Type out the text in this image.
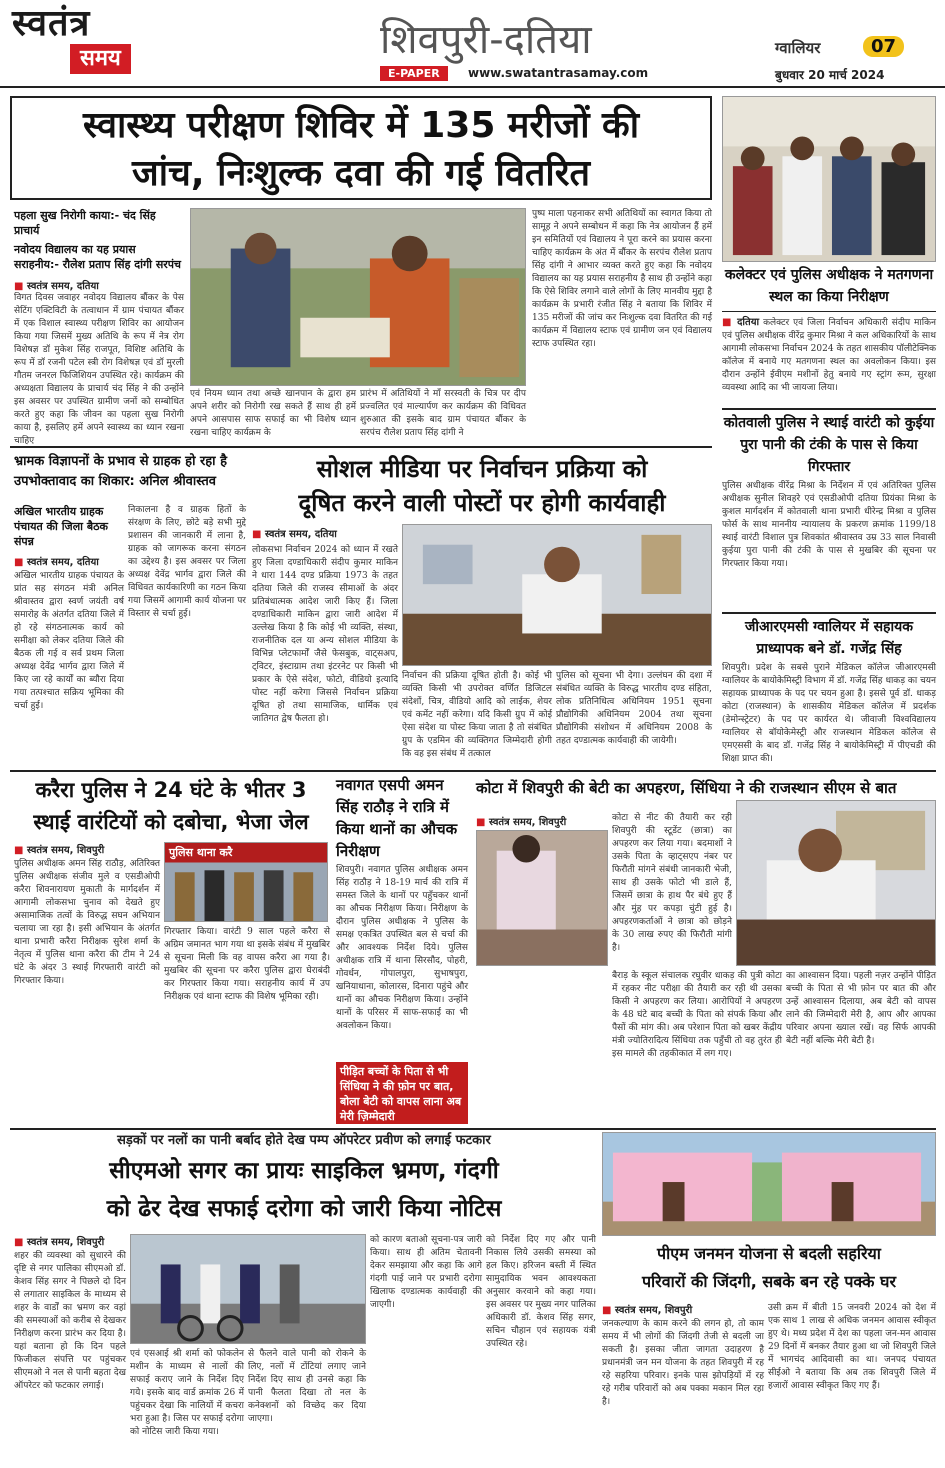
स्वतंत्र
समय	शिवपुरी-दतिया
E-PAPER	www.swatantrasamay.com
ग्वालियर	07
बुधवार 20 मार्च 2024
स्वास्थ्य परीक्षण शिविर में 135 मरीजों की
जांच, निःशुल्क दवा की गई वितरित
पहला सुख निरोगी काया:- चंद सिंह प्राचार्य
नवोदय विद्यालय का यह प्रयास सराहनीय:- रौलेश प्रताप सिंह दांगी सरपंच
■ स्वतंत्र समय, दतिया
विगत दिवस जवाहर नवोदय विद्यालय बौंकर के पेस सेटिंग एक्टिविटी के तत्वाधान में ग्राम पंचायत बौंकर में एक विशाल स्वास्थ्य परीक्षण शिविर का आयोजन किया गया जिसमें मुख्य अतिथि के रूप में नेत्र रोग विशेषज्ञ डॉ मुकेश सिंह राजपूत, विशिष्ट अतिथि के रूप में डॉ रजनी पटेल स्त्री रोग विशेषज्ञ एवं डॉ मुरली गौतम जनरल फिजिशियन उपस्थित रहे। कार्यक्रम की अध्यक्षता विद्यालय के प्राचार्य चंद सिंह ने की उन्होंने इस अवसर पर उपस्थित ग्रामीण जनों को सम्बोधित करते हुए कहा कि जीवन का पहला सुख निरोगी काया है, इसलिए हमें अपने स्वास्थ्य का ध्यान रखना चाहिए
एवं नियम ध्यान तथा अच्छे खानपान के द्वारा हम अपने शरीर को निरोगी रख सकते हैं साथ ही हमें अपने आसपास साफ सफाई का भी विशेष ध्यान रखना चाहिए कार्यक्रम के
प्रारंभ में अतिथियों ने माँ सरस्वती के चित्र पर दीप प्रज्वलित एवं माल्यार्पण कर कार्यक्रम की विधिवत शुरुआत की इसके बाद ग्राम पंचायत बौंकर के सरपंच रौलेश प्रताप सिंह दांगी ने
पुष्प माला पहनाकर सभी अतिथियों का स्वागत किया तो सामूह ने अपने सम्बोधन में कहा कि नेत्र आयोजन हैं हमें इन समितियों एवं विद्यालय ने पूरा करने का प्रयास करना चाहिए कार्यक्रम के अंत में बौंकर के सरपंच रौलेश प्रताप सिंह दांगी ने आभार व्यक्त करते हुए कहा कि नवोदय विद्यालय का यह प्रयास सराहनीय है साथ ही उन्होंने कहा कि ऐसे शिविर लगाने वाले लोगों के लिए मानवीय मुद्दा है कार्यक्रम के प्रभारी रंजीत सिंह ने बताया कि शिविर में 135 मरीजों की जांच कर निःशुल्क दवा वितरित की गई कार्यक्रम में विद्यालय स्टाफ एवं ग्रामीण जन एवं विद्यालय स्टाफ उपस्थित रहा।
कलेक्टर एवं पुलिस अधीक्षक ने मतगणना स्थल का किया निरीक्षण
■ दतिया कलेक्टर एवं जिला निर्वाचन अधिकारी संदीप माकिन एवं पुलिस अधीक्षक वीरेंद्र कुमार मिश्रा ने कल अधिकारियों के साथ आगामी लोकसभा निर्वाचन 2024 के तहत शासकीय पॉलीटेक्निक कॉलेज में बनाये गए मतगणना स्थल का अवलोकन किया। इस दौरान उन्होंने ईवीएम मशीनों हेतु बनाये गए स्ट्रांग रूम, सुरक्षा व्यवस्था आदि का भी जायजा लिया।
कोतवाली पुलिस ने स्थाई वारंटी को कुईया पुरा पानी की टंकी के पास से किया गिरफ्तार
पुलिस अधीक्षक वीरेंद्र मिश्रा के निर्देशन में एवं अतिरिक्त पुलिस अधीक्षक सुनील शिवहरे एवं एसडीओपी दतिया प्रियंका मिश्रा के कुशल मार्गदर्शन में कोतवाली थाना प्रभारी धीरेन्द्र मिश्रा व पुलिस फोर्स के साथ माननीय न्यायालय के प्रकरण क्रमांक 1199/18 स्थाई वारंटी विशाल पुत्र शिवकांत श्रीवास्तव उम्र 33 साल निवासी कुईया पुरा पानी की टंकी के पास से मुखबिर की सूचना पर गिरफ्तार किया गया।
जीआरएमसी ग्वालियर में सहायक प्राध्यापक बने डॉ. गजेंद्र सिंह
शिवपुरी। प्रदेश के सबसे पुराने मेडिकल कॉलेज जीआरएमसी ग्वालियर के बायोकेमिस्ट्री विभाग में डॉ. गजेंद्र सिंह धाकड़ का चयन सहायक प्राध्यापक के पद पर चयन हुआ है। इससे पूर्व डॉ. धाकड़ कोटा (राजस्थान) के शासकीय मेडिकल कॉलेज में प्रदर्शक (डेमोन्स्ट्रेटर) के पद पर कार्यरत थे। जीवाजी विश्वविद्यालय ग्वालियर से बॉयोकेमेस्ट्री और राजस्थान मेडिकल कॉलेज से एमएससी के बाद डॉ. गजेंद्र सिंह ने बायोकेमिस्ट्री में पीएचडी की शिक्षा प्राप्त की।
भ्रामक विज्ञापनों के प्रभाव से ग्राहक हो रहा है उपभोक्तावाद का शिकार: अनिल श्रीवास्तव
अखिल भारतीय ग्राहक पंचायत की जिला बैठक संपन्न
■ स्वतंत्र समय, दतिया
अखिल भारतीय ग्राहक पंचायत के प्रांत सह संगठन मंत्री अनिल श्रीवास्तव द्वारा स्वर्ण जयंती वर्ष समारोह के अंतर्गत दतिया जिले में हो रहे संगठनात्मक कार्य को समीक्षा को लेकर दतिया जिले की बैठक ली गई व सर्व प्रथम जिला अध्यक्ष देवेंद्र भार्गव द्वारा जिले में किए जा रहे कार्यों का ब्यौरा दिया गया तत्पश्चात सक्रिय भूमिका की चर्चा हुई।
निकालना है व ग्राहक हितों के संरक्षण के लिए, छोटे बड़े सभी मुद्दे प्रशासन की जानकारी में लाना है, ग्राहक को जागरूक करना संगठन का उद्देश्य है। इस अवसर पर जिला अध्यक्ष देवेंद्र भार्गव द्वारा जिले की विधिवत कार्यकारिणी का गठन किया गया जिसमें आगामी कार्य योजना पर विस्तार से चर्चा हुई।
सोशल मीडिया पर निर्वाचन प्रक्रिया को
दूषित करने वाली पोस्टों पर होगी कार्यवाही
■ स्वतंत्र समय, दतिया
लोकसभा निर्वाचन 2024 को ध्यान में रखते हुए जिला दण्डाधिकारी संदीप कुमार माकिन ने धारा 144 दण्ड प्रक्रिया 1973 के तहत दतिया जिले की राजस्व सीमाओं के अंदर प्रतिबंधात्मक आदेश जारी किए हैं। जिला दण्डाधिकारी माकिन द्वारा जारी आदेश में उल्लेख किया है कि कोई भी व्यक्ति, संस्था, राजनीतिक दल या अन्य सोशल मीडिया के विभिन्न प्लेटफार्मों जैसे फेसबुक, वाट्सअप, ट्विटर, इंस्टाग्राम तथा इंटरनेट पर किसी भी प्रकार के ऐसे संदेश, फोटो, वीडियो इत्यादि पोस्ट नहीं करेगा जिससे निर्वाचन प्रक्रिया दूषित हो तथा सामाजिक, धार्मिक एवं जातिगत द्वेष फैलता हो।
निर्वाचन की प्रक्रिया दूषित होती है। कोई भी व्यक्ति किसी भी उपरोक्त वर्णित डिजिटल संदेशों, चित्र, वीडियो आदि को लाईक, शेयर एवं कमेंट नहीं करेगा। यदि किसी ग्रुप में कोई ऐसा संदेश या पोस्ट किया जाता है तो संबंधित ग्रुप के एडमिन की व्यक्तिगत जिम्मेदारी होगी कि वह इस संबंध में तत्काल
पुलिस को सूचना भी देगा। उल्लंघन की दशा में संबंधित व्यक्ति के विरुद्ध भारतीय दण्ड संहिता, लोक प्रतिनिधित्व अधिनियम 1951 सूचना प्रौद्योगिकी अधिनियम 2004 तथा सूचना प्रौद्योगिकी संशोधन में अधिनियम 2008 के तहत दण्डात्मक कार्यवाही की जायेगी।
करैरा पुलिस ने 24 घंटे के भीतर 3
स्थाई वारंटियों को दबोचा, भेजा जेल
■ स्वतंत्र समय, शिवपुरी	पुलिस थाना करै
पुलिस अधीक्षक अमन सिंह राठौड़, अतिरिक्त पुलिस अधीक्षक संजीव मुले व एसडीओपी करैरा शिवनारायण मुकाती के मार्गदर्शन में आगामी लोकसभा चुनाव को देखते हुए असामाजिक तत्वों के विरुद्ध सघन अभियान चलाया जा रहा है। इसी अभियान के अंतर्गत थाना प्रभारी करैरा निरीक्षक सुरेश शर्मा के नेतृत्व में पुलिस थाना करैरा की टीम ने 24 घंटे के अंदर 3 स्थाई गिरफ्तारी वारंटी को गिरफ्तार किया।
गिरफ्तार किया। वारंटी 9 साल पहले करैरा से अग्रिम जमानत भाग गया था इसके संबंध में मुखबिर से सूचना मिली कि वह वापस करैरा आ गया है। मुखबिर की सूचना पर करैरा पुलिस द्वारा घेराबंदी कर गिरफ्तार किया गया। सराहनीय कार्य में उप निरीक्षक एवं थाना स्टाफ की विशेष भूमिका रही।
नवागत एसपी अमन सिंह राठौड़ ने रात्रि में किया थानों का औचक निरीक्षण
शिवपुरी। नवागत पुलिस अधीक्षक अमन सिंह राठौड़ ने 18-19 मार्च की रात्रि में समस्त जिले के थानों पर पहुँचकर थानों का औचक निरीक्षण किया। निरीक्षण के दौरान पुलिस अधीक्षक ने पुलिस के समक्ष एकत्रित उपस्थित बल से चर्चा की और आवश्यक निर्देश दिये। पुलिस अधीक्षक रात्रि में थाना सिरसौद, पोहरी, गोवर्धन, गोपालपुरा, सुभाषपुरा, खनियाधाना, कोलारस, दिनारा पहुंचे और थानों का औचक निरीक्षण किया। उन्होंने थानों के परिसर में साफ-सफाई का भी अवलोकन किया।
पीड़ित बच्चों के पिता से भी सिंधिया ने की फ़ोन पर बात, बोला बेटी को वापस लाना अब मेरी ज़िम्मेदारी
कोटा में शिवपुरी की बेटी का अपहरण, सिंधिया ने की राजस्थान सीएम से बात
■ स्वतंत्र समय, शिवपुरी	कोटा से नीट की तैयारी कर रही शिवपुरी की स्टूडेंट (छात्रा) का अपहरण कर लिया गया। बदमाशों ने उसके पिता के व्हाट्सएप नंबर पर फिरौती मांगने संबंधी जानकारी भेजी, साथ ही उसके फोटो भी डाले हैं, जिसमें छात्रा के हाथ पैर बंधे हुए हैं और मुंह पर कपड़ा चुंटी हुई है। अपहरणकर्ताओं ने छात्रा को छोड़ने के 30 लाख रुपए की फिरौती मांगी है।
बैराड़ के स्कूल संचालक रघुवीर धाकड़ की पुत्री कोटा में रहकर नीट परीक्षा की तैयारी कर रही थी उसका किसी ने अपहरण कर लिया। आरोपियों ने अपहरण के 48 घंटे बाद बच्ची के पिता को संपर्क किया और पैसों की मांग की। अब परेशान पिता को खबर केंद्रीय मंत्री ज्योतिरादित्य सिंधिया तक पहुँची तो वह तुरंत ही इस मामले की तहकीकात में लग गए।
का आश्वासन दिया। पहली नज़र उन्होंने पीड़ित बच्ची के पिता से भी फ़ोन पर बात की और उन्हें आश्वासन दिलाया, अब बेटी को वापस लाने की जिम्मेदारी मेरी है, आप और आपका परिवार अपना ख्याल रखें। वह सिर्फ आपकी बेटी नहीं बल्कि मेरी बेटी है।
सड़कों पर नलों का पानी बर्बाद होते देख पम्प ऑपरेटर प्रवीण को लगाई फटकार
सीएमओ सगर का प्रायः साइकिल भ्रमण, गंदगी
को ढेर देख सफाई दरोगा को जारी किया नोटिस
■ स्वतंत्र समय, शिवपुरी
शहर की व्यवस्था को सुधारने की दृष्टि से नगर पालिका सीएमओ डॉ. केशव सिंह सगर ने पिछले दो दिन से लगातार साइकिल के माध्यम से शहर के वार्डों का भ्रमण कर वहां की समस्याओं को करीब से देखकर निरीक्षण करना प्रारंभ कर दिया है। यहां बताना हो कि दिन पहले फिजीकल संपत्ति पर पहुंचकर सीएमओ ने नल से पानी बहता देख ऑपरेटर को फटकार लगाई।
एवं एसआई श्री शर्मा को फोकलेन मशीन के माध्यम से नालों की सफाई कराए जाने के निर्देश दिए गये। इसके बाद वार्ड क्रमांक 26 में पहुंचकर देखा कि नालियों में कचरा भरा हुआ है। जिस पर सफाई दरोगा को नोटिस जारी किया गया।
से फैलने वाले पानी को रोकने के लिए, नलों में टोंटियां लगाए जाने निर्देश दिए साथ ही उनसे कहा कि पानी फैलता दिखा तो नल के कनेक्शनों को विच्छेद कर दिया जाएगा।
को कारण बताओ सूचना-पत्र जारी किया। साथ ही अतिम चेतावनी देकर समझाया और कहा कि आगे गंदगी पाई जाने पर प्रभारी दरोगा खिलाफ दण्डात्मक कार्यवाही की जाएगी।
को निर्देश दिए गए और पानी निकास लिये उसकी समस्या को हल किए। हरिजन बस्ती में स्थित सामुदायिक भवन आवश्यकता अनुसार करवाने को कहा गया। इस अवसर पर मुख्य नगर पालिका अधिकारी डॉ. केशव सिंह सगर, सचिन चौहान एवं सहायक यंत्री उपस्थित रहे।
पीएम जनमन योजना से बदली सहरिया
परिवारों की जिंदगी, सबके बन रहे पक्के घर
■ स्वतंत्र समय, शिवपुरी
जनकल्याण के काम करने की लगन हो, तो काम समय में भी लोगों की जिंदगी तेजी से बदली जा सकती है। इसका जीता जागता उदाहरण है प्रधानमंत्री जन मन योजना के तहत शिवपुरी में रह रहे सहरिया परिवार। इनके पास झोपड़ियों में रह रहे गरीब परिवारों को अब पक्का मकान मिल रहा है।
उसी क्रम में बीती 15 जनवरी 2024 को देश में एक साथ 1 लाख से अधिक जनमन आवास स्वीकृत हुए थे। मध्य प्रदेश में देश का पहला जन-मन आवास 29 दिनों में बनकर तैयार हुआ था जो शिवपुरी जिले में भागचंद आदिवासी का था। जनपद पंचायत सीईओ ने बताया कि अब तक शिवपुरी जिले में हजारों आवास स्वीकृत किए गए हैं।
